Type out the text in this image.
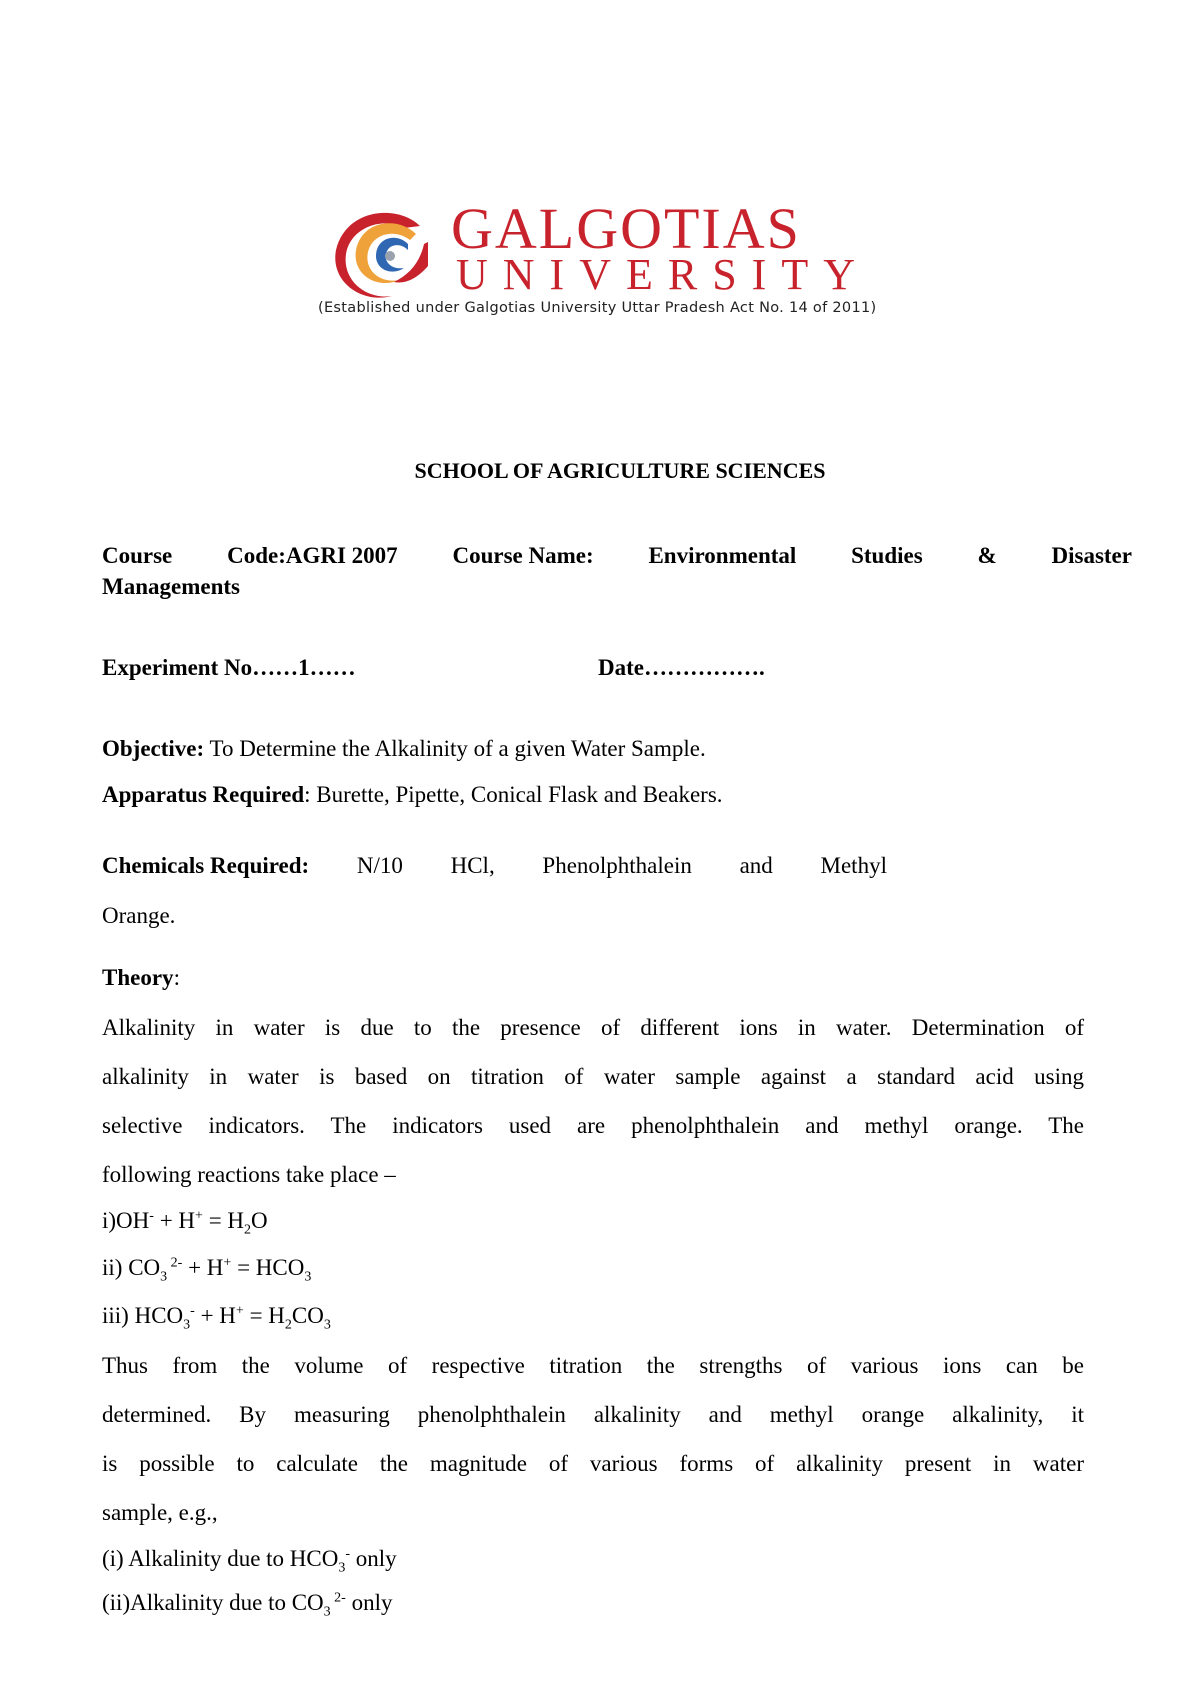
GALGOTIAS
UNIVERSITY
(Established under Galgotias University Uttar Pradesh Act No. 14 of 2011)
SCHOOL OF AGRICULTURE SCIENCES
Course Code:AGRI 2007 Course Name: Environmental Studies & Disaster
Managements
Experiment No……1……	Date…………….
Objective: To Determine the Alkalinity of a given Water Sample.
Apparatus Required: Burette, Pipette, Conical Flask and Beakers.
Chemicals Required: N/10 HCl, Phenolphthalein and Methyl
Orange.
Theory:
Alkalinity in water is due to the presence of different ions in water. Determination of
alkalinity in water is based on titration of water sample against a standard acid using
selective indicators. The indicators used are phenolphthalein and methyl orange. The
following reactions take place –
$i)OH^- + H^+ = H_2O$
ii) $CO_3$ $^{2-} + H^+ = HCO_3$
iii) $HCO_3^- + H^+ = H_2CO_3$
Thus from the volume of respective titration the strengths of various ions can be
determined. By measuring phenolphthalein alkalinity and methyl orange alkalinity, it
is possible to calculate the magnitude of various forms of alkalinity present in water
sample, e.g.,
(i) Alkalinity due to $HCO_3^-$ only
(ii)Alkalinity due to $CO_3$ $^{2-}$ only
